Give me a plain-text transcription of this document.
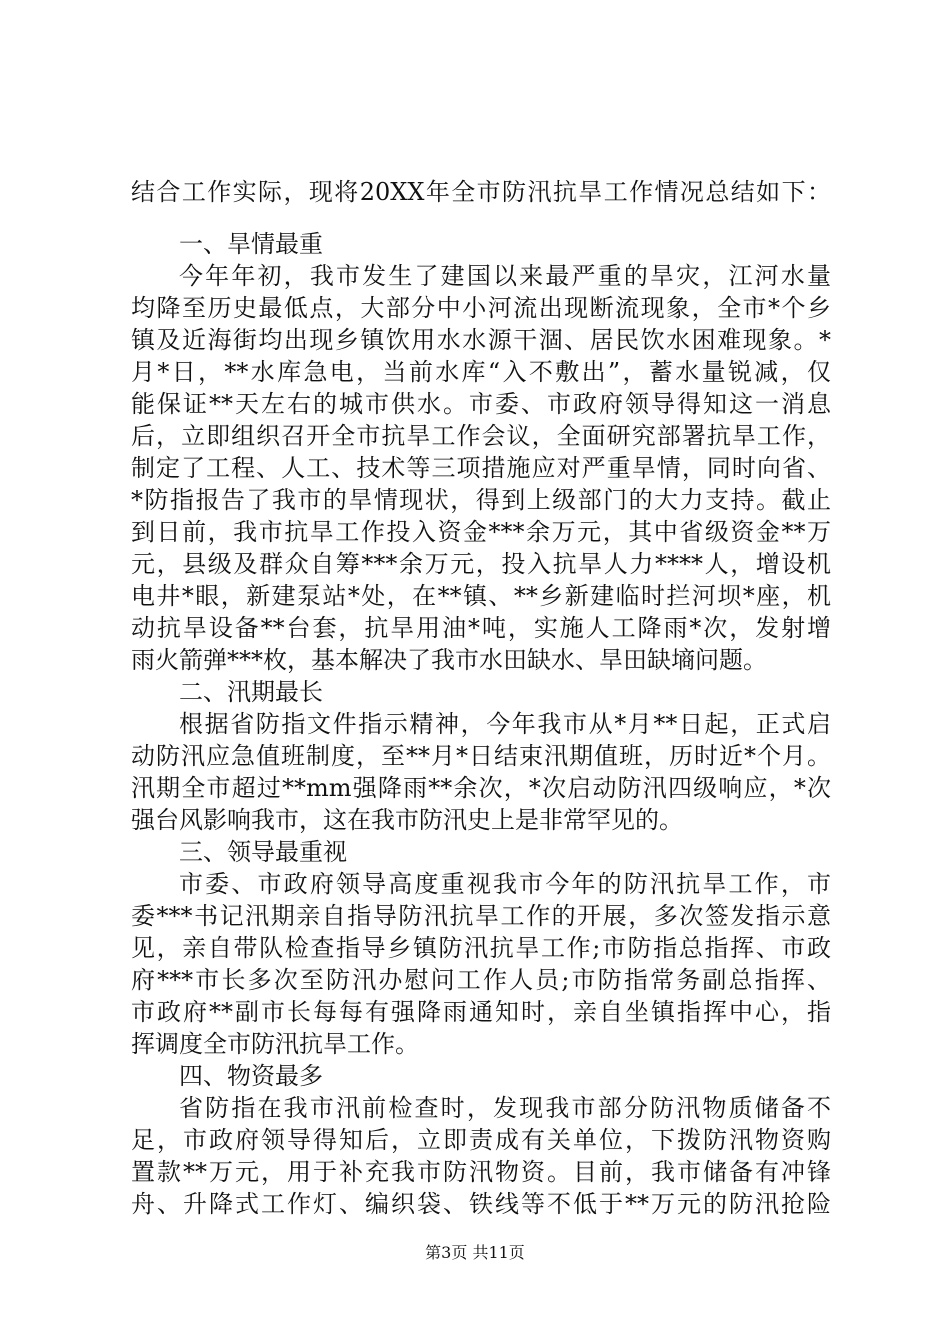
结合工作实际，现将20XX年全市防汛抗旱工作情况总结如下：
一、旱情最重
今年年初，我市发生了建国以来最严重的旱灾，江河水量
均降至历史最低点，大部分中小河流出现断流现象，全市*个乡
镇及近海街均出现乡镇饮用水水源干涸、居民饮水困难现象。*
月*日，**水库急电，当前水库“入不敷出”，蓄水量锐减，仅
能保证**天左右的城市供水。市委、市政府领导得知这一消息
后，立即组织召开全市抗旱工作会议，全面研究部署抗旱工作，
制定了工程、人工、技术等三项措施应对严重旱情，同时向省、
*防指报告了我市的旱情现状，得到上级部门的大力支持。截止
到日前，我市抗旱工作投入资金***余万元，其中省级资金**万
元，县级及群众自筹***余万元，投入抗旱人力****人，增设机
电井*眼，新建泵站*处，在**镇、**乡新建临时拦河坝*座，机
动抗旱设备**台套，抗旱用油*吨，实施人工降雨*次，发射增
雨火箭弹***枚，基本解决了我市水田缺水、旱田缺墒问题。
二、汛期最长
根据省防指文件指示精神，今年我市从*月**日起，正式启
动防汛应急值班制度，至**月*日结束汛期值班，历时近*个月。
汛期全市超过**mm强降雨**余次，*次启动防汛四级响应，*次
强台风影响我市，这在我市防汛史上是非常罕见的。
三、领导最重视
市委、市政府领导高度重视我市今年的防汛抗旱工作，市
委***书记汛期亲自指导防汛抗旱工作的开展，多次签发指示意
见，亲自带队检查指导乡镇防汛抗旱工作;市防指总指挥、市政
府***市长多次至防汛办慰问工作人员;市防指常务副总指挥、
市政府**副市长每每有强降雨通知时，亲自坐镇指挥中心，指
挥调度全市防汛抗旱工作。
四、物资最多
省防指在我市汛前检查时，发现我市部分防汛物质储备不
足，市政府领导得知后，立即责成有关单位，下拨防汛物资购
置款**万元，用于补充我市防汛物资。目前，我市储备有冲锋
舟、升降式工作灯、编织袋、铁线等不低于**万元的防汛抢险
第3页 共11页
